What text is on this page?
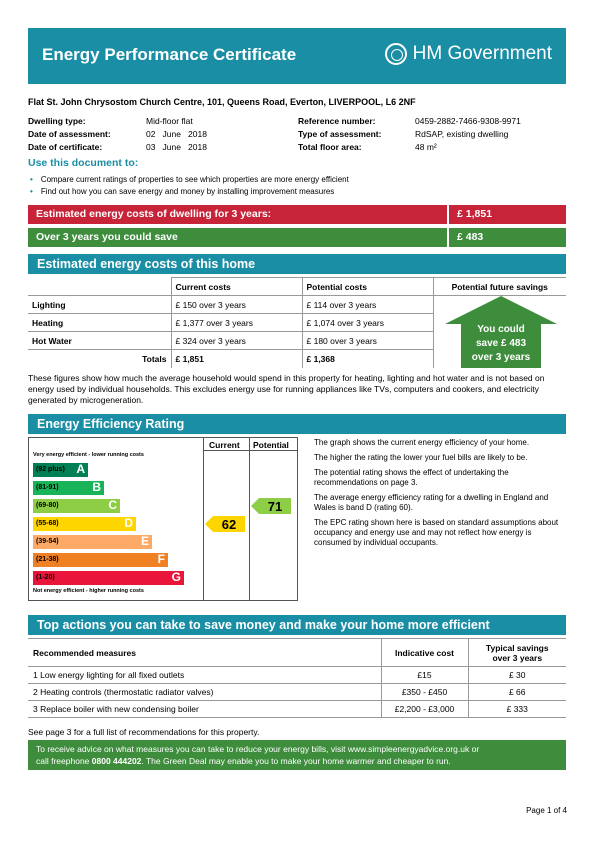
Energy Performance Certificate	HM Government
Flat St. John Chrysostom Church Centre, 101, Queens Road, Everton, LIVERPOOL, L6 2NF
Dwelling type:	Mid-floor flat
Date of assessment:	02   June   2018
Date of certificate:	03   June   2018
Reference number:	0459-2882-7466-9308-9971
Type of assessment:	RdSAP, existing dwelling
Total floor area:	48 m²
Use this document to:
• Compare current ratings of properties to see which properties are more energy efficient
• Find out how you can save energy and money by installing improvement measures
Estimated energy costs of dwelling for 3 years:	£ 1,851
Over 3 years you could save	£ 483
Estimated energy costs of this home
	Current costs	Potential costs	Potential future savings
Lighting	£ 150 over 3 years	£ 114 over 3 years	
Heating	£ 1,377 over 3 years	£ 1,074 over 3 years	
Hot Water	£ 324 over 3 years	£ 180 over 3 years	
Totals	£ 1,851	£ 1,368	
You could
save £ 483
over 3 years
These figures show how much the average household would spend in this property for heating, lighting and hot water and is not based on energy used by individual households. This excludes energy use for running appliances like TVs, computers and cookers, and electricity generated by microgeneration.
Energy Efficiency Rating
Current Potential
Very energy efficient - lower running costs
Not energy efficient - higher running costs
(92 plus) A
(81-91)	B
(69-80)	C
(55-68)	D
(39-54)	E
(21-38)	F
(1-20)	G
62
71

The graph shows the current energy efficiency of your home.

The higher the rating the lower your fuel bills are likely to be.

The potential rating shows the effect of undertaking the recommendations on page 3.

The average energy efficiency rating for a dwelling in England and Wales is band D (rating 60).

The EPC rating shown here is based on standard assumptions about occupancy and energy use and may not reflect how energy is consumed by individual occupants.

Top actions you can take to save money and make your home more efficient
Recommended measures	Indicative cost	Typical savings
over 3 years

1 Low energy lighting for all fixed outlets	£15	£ 30
2 Heating controls (thermostatic radiator valves)	£350 - £450	£ 66
3 Replace boiler with new condensing boiler	£2,200 - £3,000	£ 333
See page 3 for a full list of recommendations for this property.
To receive advice on what measures you can take to reduce your energy bills, visit www.simpleenergyadvice.org.uk or
call freephone 0800 444202. The Green Deal may enable you to make your home warmer and cheaper to run.
Page 1 of 4
